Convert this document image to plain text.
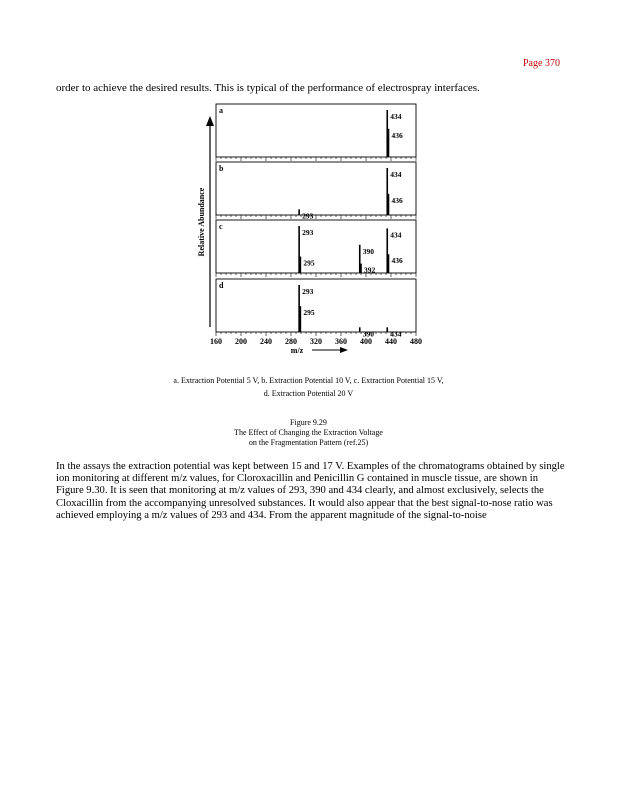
Page 370
order to achieve the desired results. This is typical of the performance of electrospray interfaces.
Relative Abundance
a
434
436
b
293
434
436
c
293
295
390
392
434
436
d
293
295
390 434
160 200 240 280 320 360 400 440 480
m/z
a. Extraction Potential 5 V, b. Extraction Potential 10 V, c. Extraction Potential 15 V,
d. Extraction Potential 20 V
Figure 9.29
The Effect of Changing the Extraction Voltage
on the Fragmentation Pattern (ref.25)
In the assays the extraction potential was kept between 15 and 17 V. Examples of the chromatograms obtained by single ion monitoring at different m/z values, for Cloroxacillin and Penicillin G contained in muscle tissue, are shown in Figure 9.30. It is seen that monitoring at m/z values of 293, 390 and 434 clearly, and almost exclusively, selects the Cloxacillin from the accompanying unresolved substances. It would also appear that the best signal-to-nose ratio was achieved employing a m/z values of 293 and 434. From the apparent magnitude of the signal-to-noise
